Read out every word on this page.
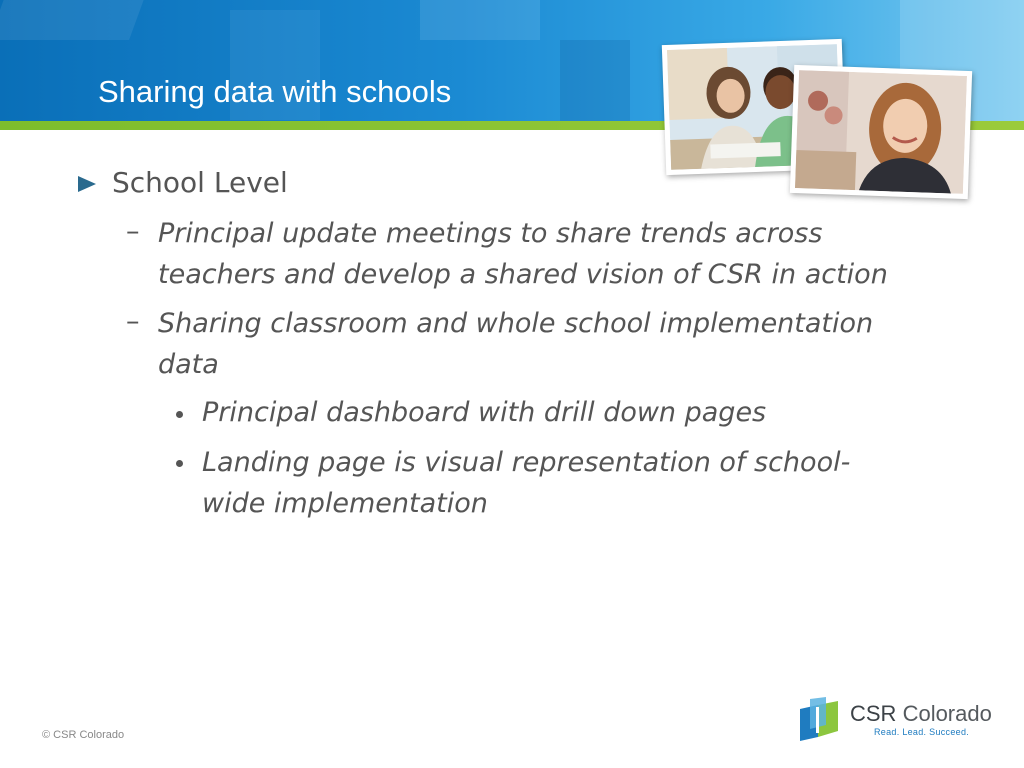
Sharing data with schools
School Level
– Principal update meetings to share trends across
teachers and develop a shared vision of CSR in action
– Sharing classroom and whole school implementation
data
Principal dashboard with drill down pages
Landing page is visual representation of school-
wide implementation
© CSR Colorado
CSR Colorado
Read. Lead. Succeed.
